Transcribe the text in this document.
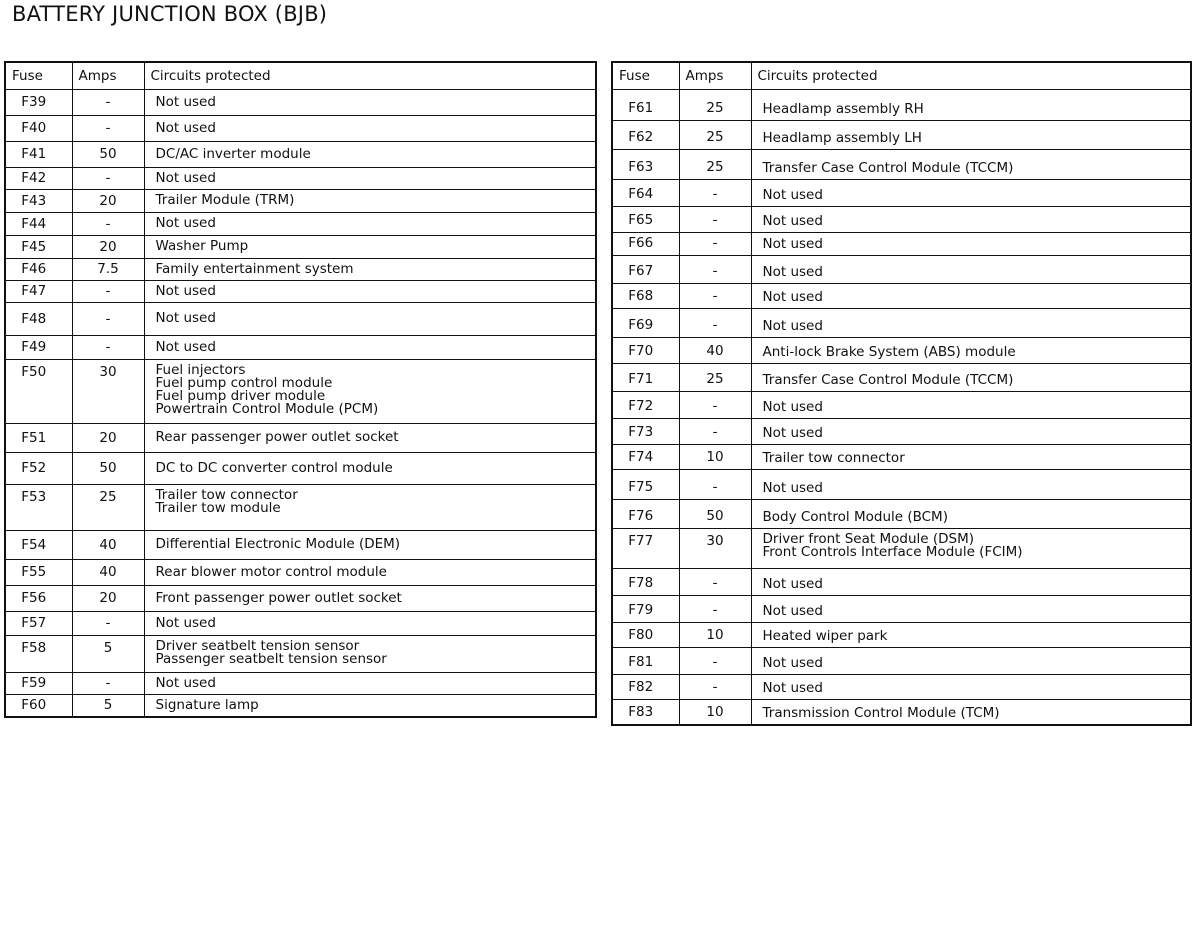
BATTERY JUNCTION BOX (BJB)
Fuse	Amps	Circuits protected
F39	-	Not used
F40	-	Not used
F41	50	DC/AC inverter module
F42	-	Not used
F43	20	Trailer Module (TRM)
F44	-	Not used
F45	20	Washer Pump
F46	7.5	Family entertainment system
F47	-	Not used
F48	-	Not used
F49	-	Not used
F50	30	Fuel injectors
Fuel pump control module
Fuel pump driver module
Powertrain Control Module (PCM)
F51	20	Rear passenger power outlet socket
F52	50	DC to DC converter control module
F53	25	Trailer tow connector
Trailer tow module
F54	40	Differential Electronic Module (DEM)
F55	40	Rear blower motor control module
F56	20	Front passenger power outlet socket
F57	-	Not used
F58	5	Driver seatbelt tension sensor
Passenger seatbelt tension sensor
F59	-	Not used
F60	5	Signature lamp
Fuse	Amps	Circuits protected
F61	25	Headlamp assembly RH
F62	25	Headlamp assembly LH
F63	25	Transfer Case Control Module (TCCM)
F64	-	Not used
F65	-	Not used
F66	-	Not used
F67	-	Not used
F68	-	Not used
F69	-	Not used
F70	40	Anti-lock Brake System (ABS) module
F71	25	Transfer Case Control Module (TCCM)
F72	-	Not used
F73	-	Not used
F74	10	Trailer tow connector
F75	-	Not used
F76	50	Body Control Module (BCM)
F77	30	Driver front Seat Module (DSM)
Front Controls Interface Module (FCIM)
F78	-	Not used
F79	-	Not used
F80	10	Heated wiper park
F81	-	Not used
F82	-	Not used
F83	10	Transmission Control Module (TCM)
